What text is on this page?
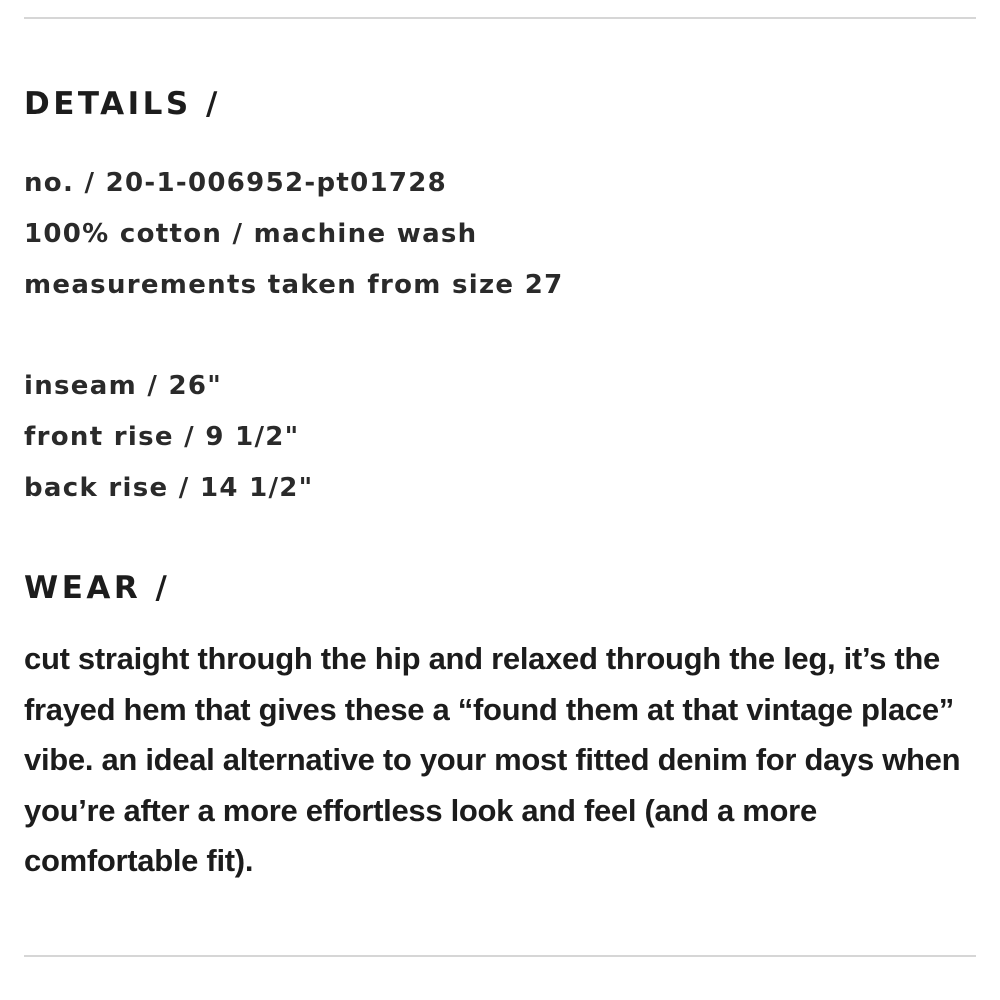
DETAILS /
no. / 20-1-006952-pt01728
100% cotton / machine wash
measurements taken from size 27
inseam / 26"
front rise / 9 1/2"
back rise / 14 1/2"
WEAR /

cut straight through the hip and relaxed through the leg, it’s the frayed hem that gives these a “found them at that vintage place” vibe. an ideal alternative to your most fitted denim for days when you’re after a more effortless look and feel (and a more comfortable fit).
